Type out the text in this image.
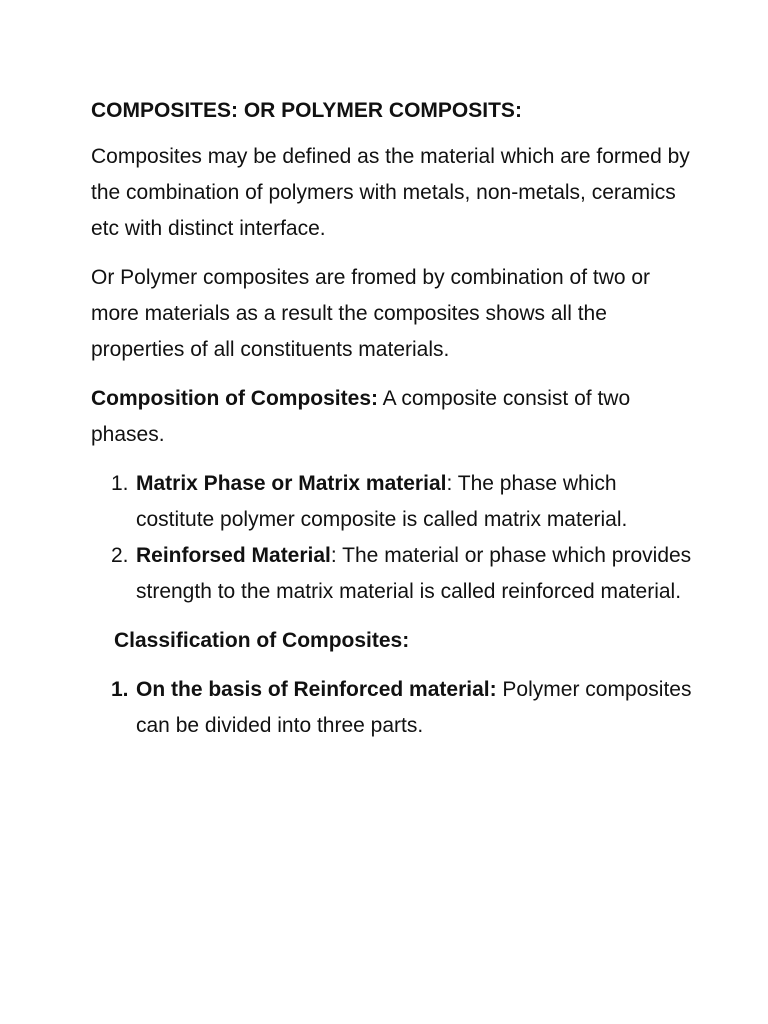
COMPOSITES: OR POLYMER COMPOSITS:

Composites may be defined as the material which are formed by the combination of polymers with metals, non-metals, ceramics etc with distinct interface.

Or Polymer composites are fromed by combination of two or more materials as a result the composites shows all the properties of all constituents materials.

Composition of Composites: A composite consist of two phases.

1. Matrix Phase or Matrix material: The phase which costitute polymer composite is called matrix material.
2. Reinforsed Material: The material or phase which provides strength to the matrix material is called reinforced material.
Classification of Composites:
1. On the basis of Reinforced material: Polymer composites can be divided into three parts.
